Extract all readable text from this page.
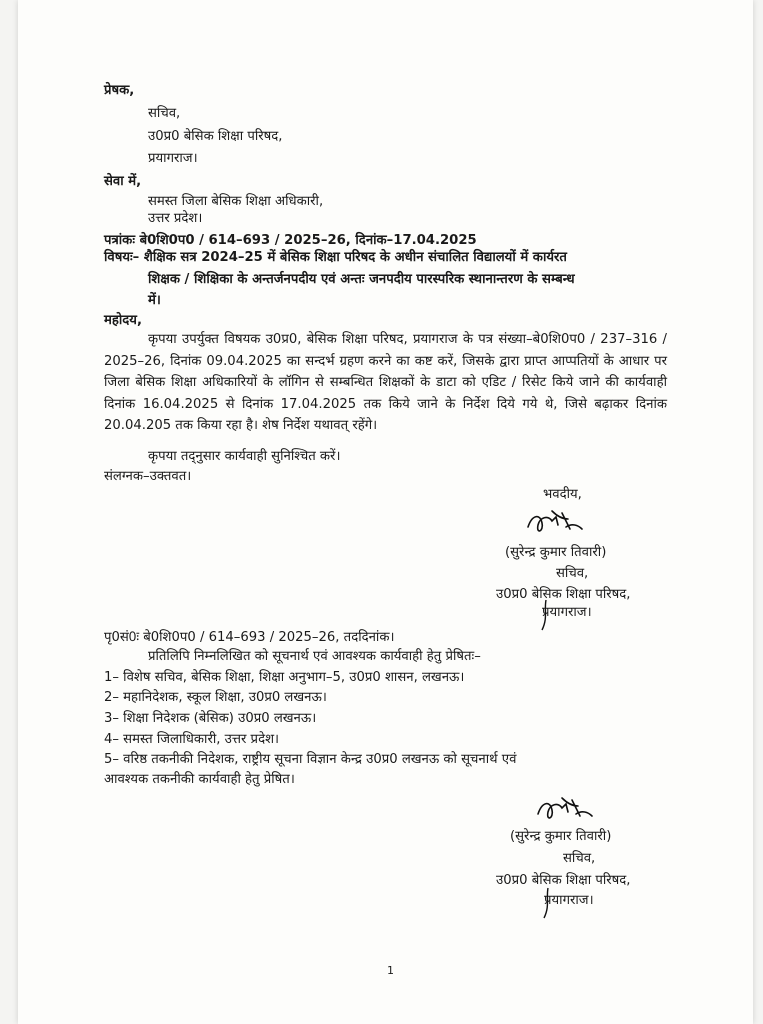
प्रेषक,
सचिव,
उ0प्र0 बेसिक शिक्षा परिषद,
प्रयागराज।
सेवा में,
समस्त जिला बेसिक शिक्षा अधिकारी,
उत्तर प्रदेश।
पत्रांकः बे0शि0प0 / 614–693 / 2025–26, दिनांक–17.04.2025
विषयः– शैक्षिक सत्र 2024–25 में बेसिक शिक्षा परिषद के अधीन संचालित विद्यालयों में कार्यरत
शिक्षक / शिक्षिका के अन्तर्जनपदीय एवं अन्तः जनपदीय पारस्परिक स्थानान्तरण के सम्बन्ध
में।
महोदय,
कृपया उपर्युक्त विषयक उ0प्र0, बेसिक शिक्षा परिषद, प्रयागराज के पत्र संख्या–बे0शि0प0 / 237–316 / 2025–26, दिनांक 09.04.2025 का सन्दर्भ ग्रहण करने का कष्ट करें, जिसके द्वारा प्राप्त आप्पतियों के आधार पर जिला बेसिक शिक्षा अधिकारियों के लॉगिन से सम्बन्धित शिक्षकों के डाटा को एडिट / रिसेट किये जाने की कार्यवाही दिनांक 16.04.2025 से दिनांक 17.04.2025 तक किये जाने के निर्देश दिये गये थे, जिसे बढ़ाकर दिनांक 20.04.205 तक किया रहा है। शेष निर्देश यथावत् रहेंगे।
कृपया तद्नुसार कार्यवाही सुनिश्चित करें।
संलग्नक–उक्तवत।
भवदीय,
(सुरेन्द्र कुमार तिवारी)
सचिव,
उ0प्र0 बेसिक शिक्षा परिषद,
प्रयागराज।
पृ0सं0ः बे0शि0प0 / 614–693 / 2025–26, तददिनांक।
प्रतिलिपि निम्नलिखित को सूचनार्थ एवं आवश्यक कार्यवाही हेतु प्रेषितः–
1– विशेष सचिव, बेसिक शिक्षा, शिक्षा अनुभाग–5, उ0प्र0 शासन, लखनऊ।
2– महानिदेशक, स्कूल शिक्षा, उ0प्र0 लखनऊ।
3– शिक्षा निदेशक (बेसिक) उ0प्र0 लखनऊ।
4– समस्त जिलाधिकारी, उत्तर प्रदेश।
5– वरिष्ठ तकनीकी निदेशक, राष्ट्रीय सूचना विज्ञान केन्द्र उ0प्र0 लखनऊ को सूचनार्थ एवं
आवश्यक तकनीकी कार्यवाही हेतु प्रेषित।
(सुरेन्द्र कुमार तिवारी)
सचिव,
उ0प्र0 बेसिक शिक्षा परिषद,
प्रयागराज।
1
